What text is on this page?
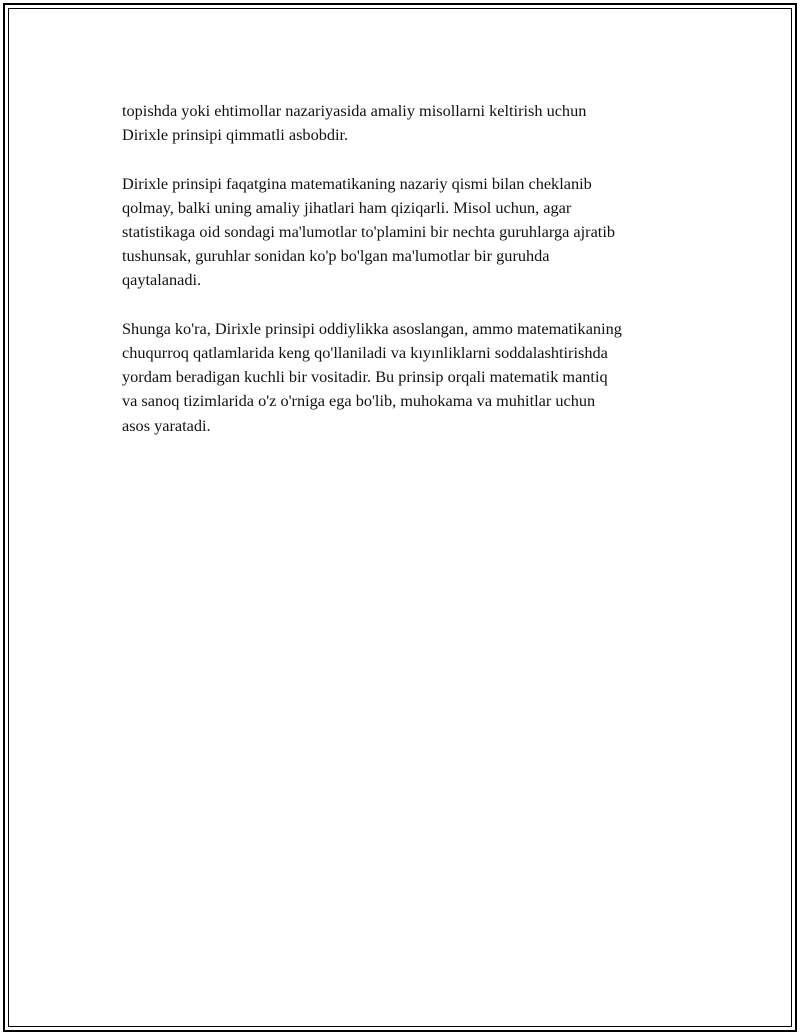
topishda yoki ehtimollar nazariyasida amaliy misollarni keltirish uchun
Dirixle prinsipi qimmatli asbobdir.

Dirixle prinsipi faqatgina matematikaning nazariy qismi bilan cheklanib
qolmay, balki uning amaliy jihatlari ham qiziqarli. Misol uchun, agar
statistikaga oid sondagi ma'lumotlar to'plamini bir nechta guruhlarga ajratib
tushunsak, guruhlar sonidan ko'p bo'lgan ma'lumotlar bir guruhda
qaytalanadi.

Shunga ko'ra, Dirixle prinsipi oddiylikka asoslangan, ammo matematikaning
chuqurroq qatlamlarida keng qo'llaniladi va kıyınliklarni soddalashtirishda
yordam beradigan kuchli bir vositadir. Bu prinsip orqali matematik mantiq
va sanoq tizimlarida o'z o'rniga ega bo'lib, muhokama va muhitlar uchun
asos yaratadi.
